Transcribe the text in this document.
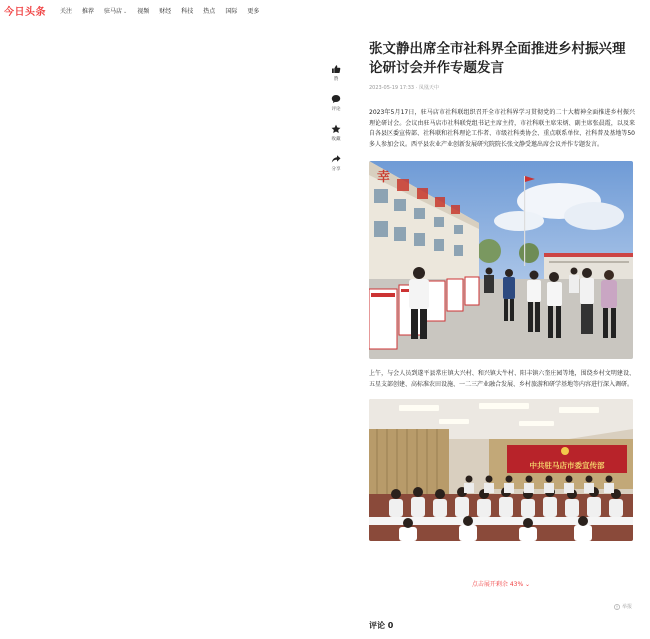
今日头条 关注 推荐 驻马店⌄ 视频 财经 科技 热点 国际 更多
赞
评论
收藏
分享
张文静出席全市社科界全面推进乡村振兴理论研讨会并作专题发言
2023-05-19 17:33 · 凤凰天中

2023年5月17日，驻马店市社科联组织召开全市社科界学习贯彻党的二十大精神全面推进乡村振兴理论研讨会。会议由驻马店市社科联党组书记主席主持，市社科联主席宋炳、副主席张晨霞，以及来自各县区委宣传部、社科联和社科理论工作者、市级社科类协会、重点联系单位、社科普及基地等50多人参加会议。西平县农业产业创新发展研究院院长张文静受邀出席会议并作专题发言。

幸

上午，与会人员到遂平县常庄镇大兴村、和兴镇大牛村、阳丰镇六奎庄园等地，围绕乡村文明建设、五星支部创建、高标准农田设施、一二三产业融合发展、乡村旅游和研学基地等内容进行深入调研。

中共驻马店市委宣传部
点击展开剩余 43% ⌄
举报
评论 0
